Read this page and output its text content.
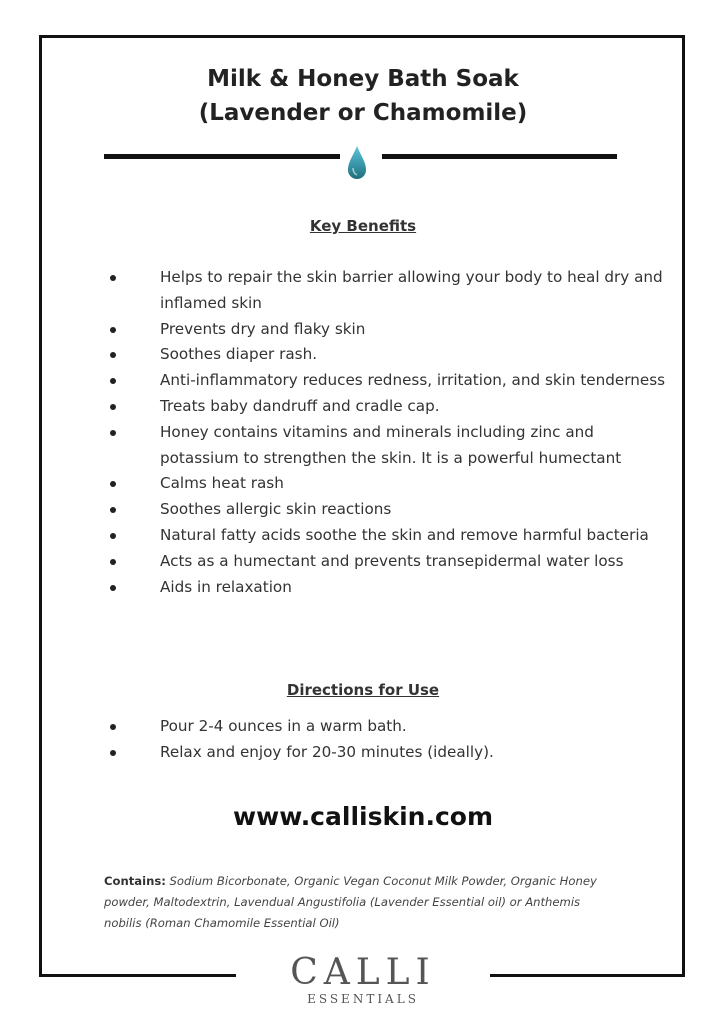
Milk & Honey Bath Soak
(Lavender or Chamomile)
Key Benefits
Helps to repair the skin barrier allowing your body to heal dry and inflamed skin
Prevents dry and flaky skin
Soothes diaper rash.
Anti-inflammatory reduces redness, irritation, and skin tenderness
Treats baby dandruff and cradle cap.
Honey contains vitamins and minerals including zinc and potassium to strengthen the skin. It is a powerful humectant
Calms heat rash
Soothes allergic skin reactions
Natural fatty acids soothe the skin and remove harmful bacteria
Acts as a humectant and prevents transepidermal water loss
Aids in relaxation
Directions for Use
Pour 2-4 ounces in a warm bath.
Relax and enjoy for 20-30 minutes (ideally).
www.calliskin.com
Contains: Sodium Bicorbonate, Organic Vegan Coconut Milk Powder, Organic Honey powder, Maltodextrin, Lavendual Angustifolia (Lavender Essential oil) or Anthemis nobilis (Roman Chamomile Essential Oil)
CALLI
ESSENTIALS
